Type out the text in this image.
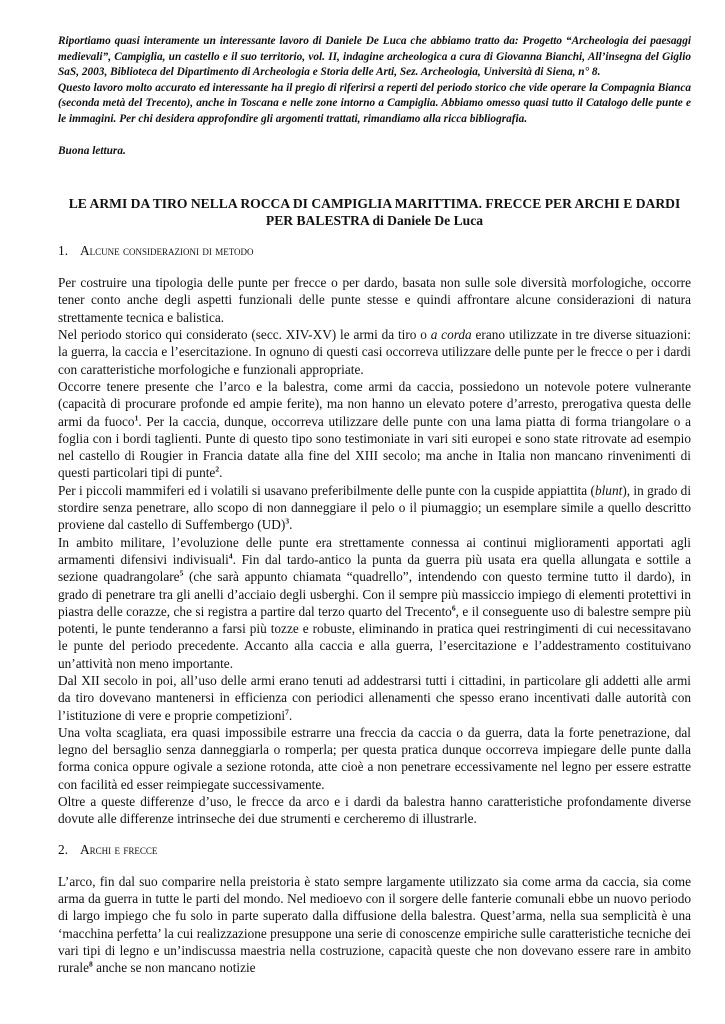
Riportiamo quasi interamente un interessante lavoro di Daniele De Luca che abbiamo tratto da: Progetto “Archeologia dei paesaggi medievali”, Campiglia, un castello e il suo territorio, vol. II, indagine archeologica a cura di Giovanna Bianchi, All’insegna del Giglio SaS, 2003, Biblioteca del Dipartimento di Archeologia e Storia delle Arti, Sez. Archeologia, Università di Siena, n° 8.

Questo lavoro molto accurato ed interessante ha il pregio di riferirsi a reperti del periodo storico che vide operare la Compagnia Bianca (seconda metà del Trecento), anche in Toscana e nelle zone intorno a Campiglia. Abbiamo omesso quasi tutto il Catalogo delle punte e le immagini. Per chi desidera approfondire gli argomenti trattati, rimandiamo alla ricca bibliografia.

Buona lettura.

LE ARMI DA TIRO NELLA ROCCA DI CAMPIGLIA MARITTIMA. FRECCE PER ARCHI E DARDI PER BALESTRA di Daniele De Luca
1. Alcune considerazioni di metodo

Per costruire una tipologia delle punte per frecce o per dardo, basata non sulle sole diversità morfologiche, occorre tener conto anche degli aspetti funzionali delle punte stesse e quindi affrontare alcune considerazioni di natura strettamente tecnica e balistica.

Nel periodo storico qui considerato (secc. XIV-XV) le armi da tiro o a corda erano utilizzate in tre diverse situazioni: la guerra, la caccia e l’esercitazione. In ognuno di questi casi occorreva utilizzare delle punte per le frecce o per i dardi con caratteristiche morfologiche e funzionali appropriate.

Occorre tenere presente che l’arco e la balestra, come armi da caccia, possiedono un notevole potere vulnerante (capacità di procurare profonde ed ampie ferite), ma non hanno un elevato potere d’arresto, prerogativa questa delle armi da fuoco$^1$. Per la caccia, dunque, occorreva utilizzare delle punte con una lama piatta di forma triangolare o a foglia con i bordi taglienti. Punte di questo tipo sono testimoniate in vari siti europei e sono state ritrovate ad esempio nel castello di Rougier in Francia datate alla fine del XIII secolo; ma anche in Italia non mancano rinvenimenti di questi particolari tipi di punte$^2$.

Per i piccoli mammiferi ed i volatili si usavano preferibilmente delle punte con la cuspide appiattita (blunt), in grado di stordire senza penetrare, allo scopo di non danneggiare il pelo o il piumaggio; un esemplare simile a quello descritto proviene dal castello di Suffembergo (UD)$^3$.

In ambito militare, l’evoluzione delle punte era strettamente connessa ai continui miglioramenti apportati agli armamenti difensivi indivisuali$^4$. Fin dal tardo-antico la punta da guerra più usata era quella allungata e sottile a sezione quadrangolare$^5$ (che sarà appunto chiamata “quadrello”, intendendo con questo termine tutto il dardo), in grado di penetrare tra gli anelli d’acciaio degli usberghi. Con il sempre più massiccio impiego di elementi protettivi in piastra delle corazze, che si registra a partire dal terzo quarto del Trecento$^6$, e il conseguente uso di balestre sempre più potenti, le punte tenderanno a farsi più tozze e robuste, eliminando in pratica quei restringimenti di cui necessitavano le punte del periodo precedente. Accanto alla caccia e alla guerra, l’esercitazione e l’addestramento costituivano un’attività non meno importante.

Dal XII secolo in poi, all’uso delle armi erano tenuti ad addestrarsi tutti i cittadini, in particolare gli addetti alle armi da tiro dovevano mantenersi in efficienza con periodici allenamenti che spesso erano incentivati dalle autorità con l’istituzione di vere e proprie competizioni$^7$.

Una volta scagliata, era quasi impossibile estrarre una freccia da caccia o da guerra, data la forte penetrazione, dal legno del bersaglio senza danneggiarla o romperla; per questa pratica dunque occorreva impiegare delle punte dalla forma conica oppure ogivale a sezione rotonda, atte cioè a non penetrare eccessivamente nel legno per essere estratte con facilità ed esser reimpiegate successivamente.

Oltre a queste differenze d’uso, le frecce da arco e i dardi da balestra hanno caratteristiche profondamente diverse dovute alle differenze intrinseche dei due strumenti e cercheremo di illustrarle.

2. Archi e frecce

L’arco, fin dal suo comparire nella preistoria è stato sempre largamente utilizzato sia come arma da caccia, sia come arma da guerra in tutte le parti del mondo. Nel medioevo con il sorgere delle fanterie comunali ebbe un nuovo periodo di largo impiego che fu solo in parte superato dalla diffusione della balestra. Quest’arma, nella sua semplicità è una ‘macchina perfetta’ la cui realizzazione presuppone una serie di conoscenze empiriche sulle caratteristiche tecniche dei vari tipi di legno e un’indiscussa maestria nella costruzione, capacità queste che non dovevano essere rare in ambito rurale$^8$ anche se non mancano notizie
